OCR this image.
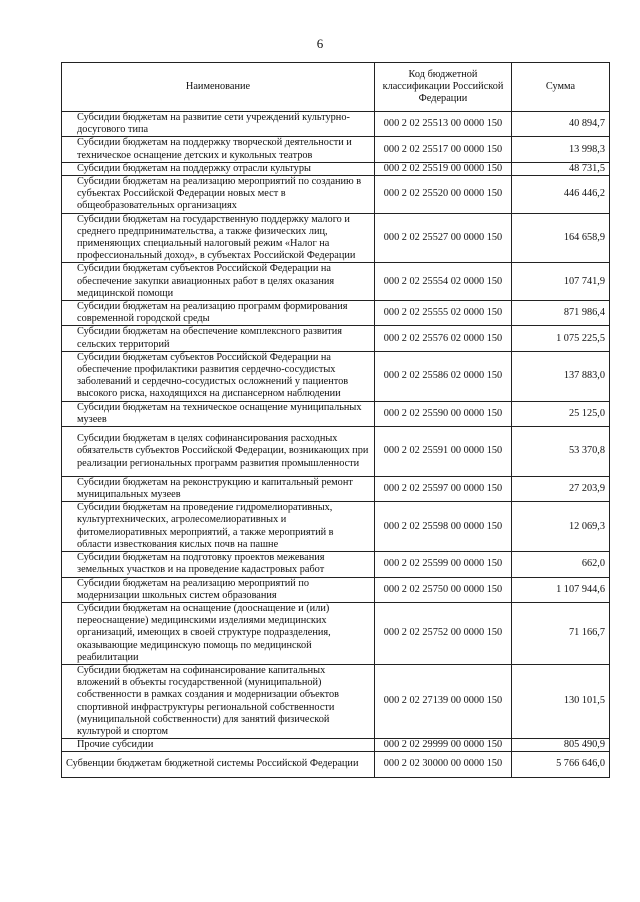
6
Наименование	Код бюджетной классификации Российской Федерации	Сумма
Субсидии бюджетам на развитие сети учреждений культурно-досугового типа	000 2 02 25513 00 0000 150	40 894,7
Субсидии бюджетам на поддержку творческой деятельности и техническое оснащение детских и кукольных театров	000 2 02 25517 00 0000 150	13 998,3
Субсидии бюджетам на поддержку отрасли культуры	000 2 02 25519 00 0000 150	48 731,5
Субсидии бюджетам на реализацию мероприятий по созданию в субъектах Российской Федерации новых мест в общеобразовательных организациях	000 2 02 25520 00 0000 150	446 446,2
Субсидии бюджетам на государственную поддержку малого и среднего предпринимательства, а также физических лиц, применяющих специальный налоговый режим «Налог на профессиональный доход», в субъектах Российской Федерации	000 2 02 25527 00 0000 150	164 658,9
Субсидии бюджетам субъектов Российской Федерации на обеспечение закупки авиационных работ в целях оказания медицинской помощи	000 2 02 25554 02 0000 150	107 741,9
Субсидии бюджетам на реализацию программ формирования современной городской среды	000 2 02 25555 02 0000 150	871 986,4
Субсидии бюджетам на обеспечение комплексного развития сельских территорий	000 2 02 25576 02 0000 150	1 075 225,5
Субсидии бюджетам субъектов Российской Федерации на обеспечение профилактики развития сердечно-сосудистых заболеваний и сердечно-сосудистых осложнений у пациентов высокого риска, находящихся на диспансерном наблюдении	000 2 02 25586 02 0000 150	137 883,0
Субсидии бюджетам на техническое оснащение муниципальных музеев	000 2 02 25590 00 0000 150	25 125,0
Субсидии бюджетам в целях софинансирования расходных обязательств субъектов Российской Федерации, возникающих при реализации региональных программ развития промышленности	000 2 02 25591 00 0000 150	53 370,8
Субсидии бюджетам на реконструкцию и капитальный ремонт муниципальных музеев	000 2 02 25597 00 0000 150	27 203,9
Субсидии бюджетам на проведение гидромелиоративных, культуртехнических, агролесомелиоративных и фитомелиоративных мероприятий, а также мероприятий в области известкования кислых почв на пашне	000 2 02 25598 00 0000 150	12 069,3
Субсидии бюджетам на подготовку проектов межевания земельных участков и на проведение кадастровых работ	000 2 02 25599 00 0000 150	662,0
Субсидии бюджетам на реализацию мероприятий по модернизации школьных систем образования	000 2 02 25750 00 0000 150	1 107 944,6
Субсидии бюджетам на оснащение (дооснащение и (или) переоснащение) медицинскими изделиями медицинских организаций, имеющих в своей структуре подразделения, оказывающие медицинскую помощь по медицинской реабилитации	000 2 02 25752 00 0000 150	71 166,7
Субсидии бюджетам на софинансирование капитальных вложений в объекты государственной (муниципальной) собственности в рамках создания и модернизации объектов спортивной инфраструктуры региональной собственности (муниципальной собственности) для занятий физической культурой и спортом	000 2 02 27139 00 0000 150	130 101,5
Прочие субсидии	000 2 02 29999 00 0000 150	805 490,9
Субвенции бюджетам бюджетной системы Российской Федерации	000 2 02 30000 00 0000 150	5 766 646,0
